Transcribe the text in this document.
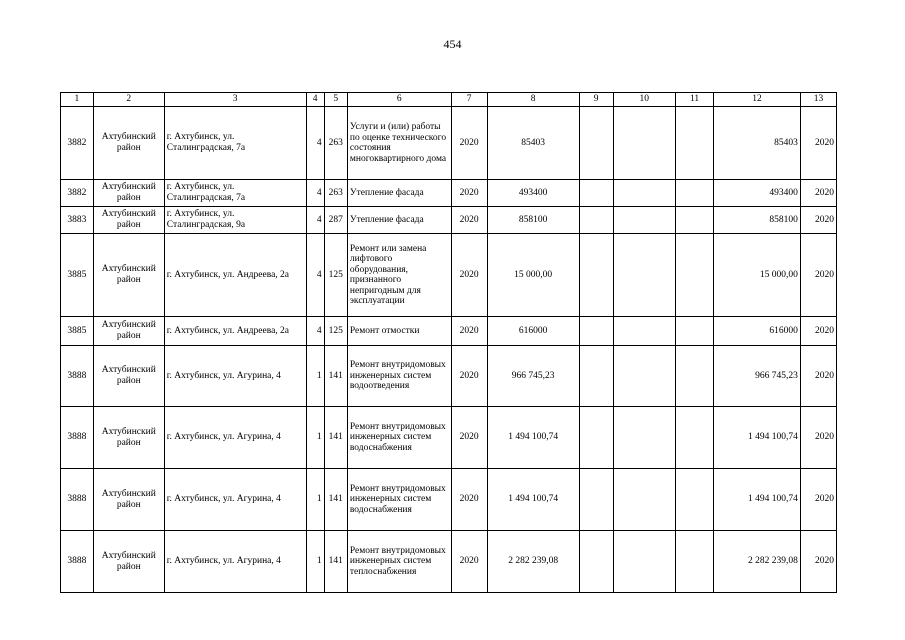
454
1	2	3	4	5	6	7	8	9	10	11	12	13
3882	Ахтубинский район	г. Ахтубинск, ул. Сталинградская, 7а	4	263	Услуги и (или) работы по оценке технического состояния многоквартирного дома	2020	85403				85403	2020
3882	Ахтубинский район	г. Ахтубинск, ул. Сталинградская, 7а	4	263	Утепление фасада	2020	493400				493400	2020
3883	Ахтубинский район	г. Ахтубинск, ул. Сталинградская, 9а	4	287	Утепление фасада	2020	858100				858100	2020
3885	Ахтубинский район	г. Ахтубинск, ул. Андреева, 2а	4	125	Ремонт или замена лифтового оборудования, признанного непригодным для эксплуатации	2020	15 000,00				15 000,00	2020
3885	Ахтубинский район	г. Ахтубинск, ул. Андреева, 2а	4	125	Ремонт отмостки	2020	616000				616000	2020
3888	Ахтубинский район	г. Ахтубинск, ул. Агурина, 4	1	141	Ремонт внутридомовых инженерных систем водоотведения	2020	966 745,23				966 745,23	2020
3888	Ахтубинский район	г. Ахтубинск, ул. Агурина, 4	1	141	Ремонт внутридомовых инженерных систем водоснабжения	2020	1 494 100,74				1 494 100,74	2020
3888	Ахтубинский район	г. Ахтубинск, ул. Агурина, 4	1	141	Ремонт внутридомовых инженерных систем водоснабжения	2020	1 494 100,74				1 494 100,74	2020
3888	Ахтубинский район	г. Ахтубинск, ул. Агурина, 4	1	141	Ремонт внутридомовых инженерных систем теплоснабжения	2020	2 282 239,08				2 282 239,08	2020
